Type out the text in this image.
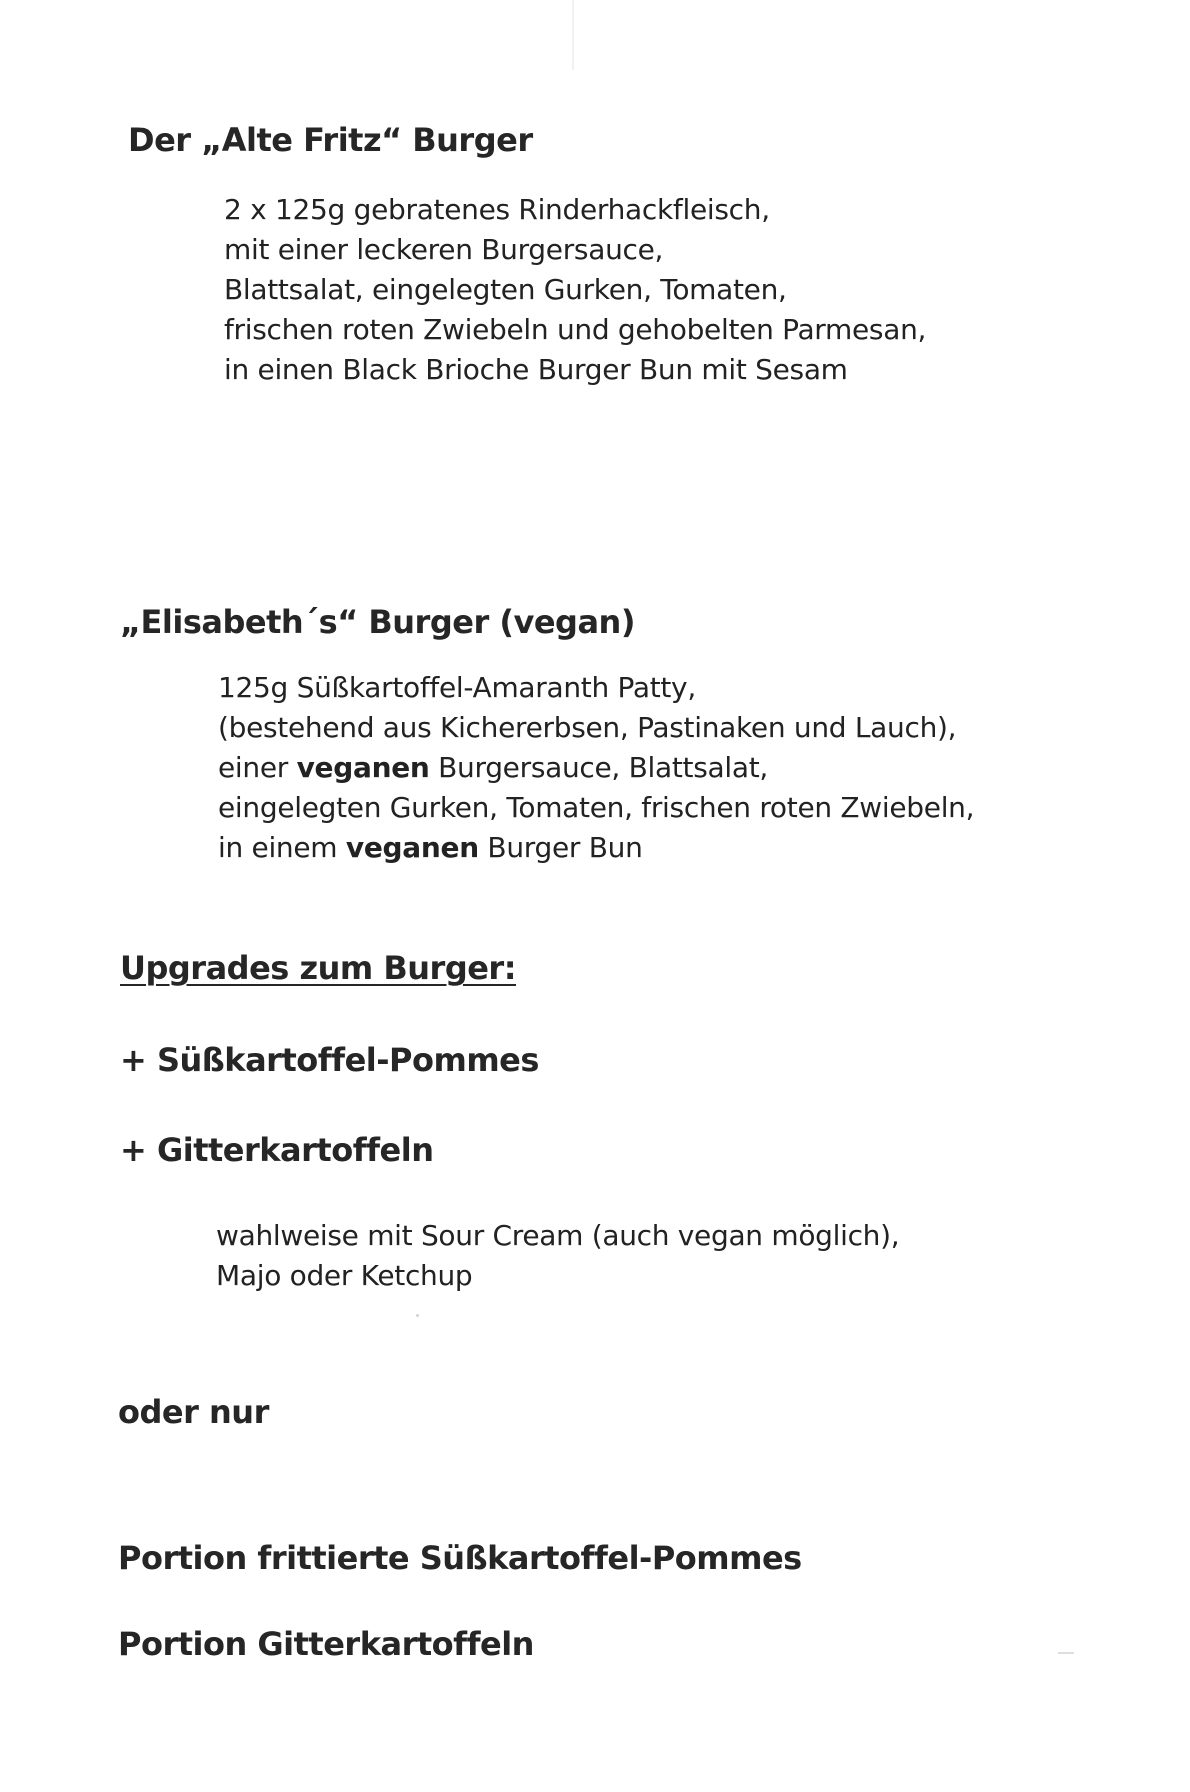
Der „Alte Fritz“ Burger
2 x 125g gebratenes Rinderhackfleisch,
mit einer leckeren Burgersauce,
Blattsalat, eingelegten Gurken, Tomaten,
frischen roten Zwiebeln und gehobelten Parmesan,
in einen Black Brioche Burger Bun mit Sesam
„Elisabeth´s“ Burger (vegan)
125g Süßkartoffel-Amaranth Patty,
(bestehend aus Kichererbsen, Pastinaken und Lauch),
einer veganen Burgersauce, Blattsalat,
eingelegten Gurken, Tomaten, frischen roten Zwiebeln,
in einem veganen Burger Bun
Upgrades zum Burger:
+ Süßkartoffel-Pommes
+ Gitterkartoffeln
wahlweise mit Sour Cream (auch vegan möglich),
Majo oder Ketchup
oder nur
Portion frittierte Süßkartoffel-Pommes
Portion Gitterkartoffeln
